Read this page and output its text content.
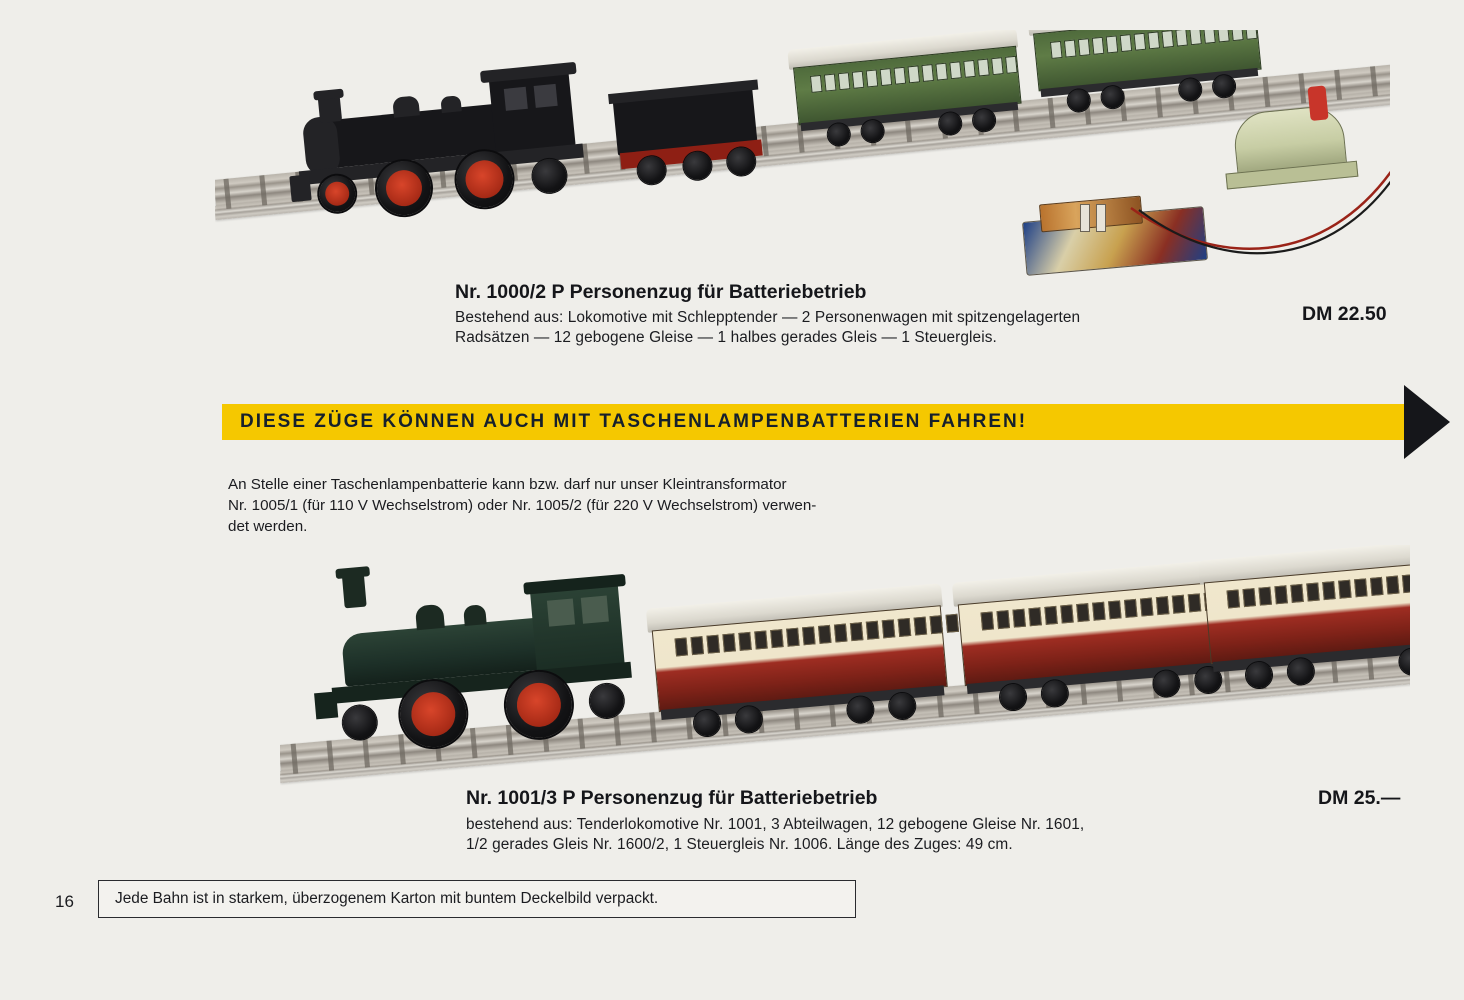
Nr. 1000/2 P Personenzug für Batteriebetrieb
DM 22.50
Bestehend aus: Lokomotive mit Schlepptender — 2 Personenwagen mit spitzengelagerten
Radsätzen — 12 gebogene Gleise — 1 halbes gerades Gleis — 1 Steuergleis.
DIESE ZÜGE KÖNNEN AUCH MIT TASCHENLAMPENBATTERIEN FAHREN!
An Stelle einer Taschenlampenbatterie kann bzw. darf nur unser Kleintransformator
Nr. 1005/1 (für 110 V Wechselstrom) oder Nr. 1005/2 (für 220 V Wechselstrom) verwen-
det werden.
Nr. 1001/3 P Personenzug für Batteriebetrieb	DM 25.—
bestehend aus: Tenderlokomotive Nr. 1001, 3 Abteilwagen, 12 gebogene Gleise Nr. 1601,
1/2 gerades Gleis Nr. 1600/2, 1 Steuergleis Nr. 1006. Länge des Zuges: 49 cm.
16	Jede Bahn ist in starkem, überzogenem Karton mit buntem Deckelbild verpackt.
